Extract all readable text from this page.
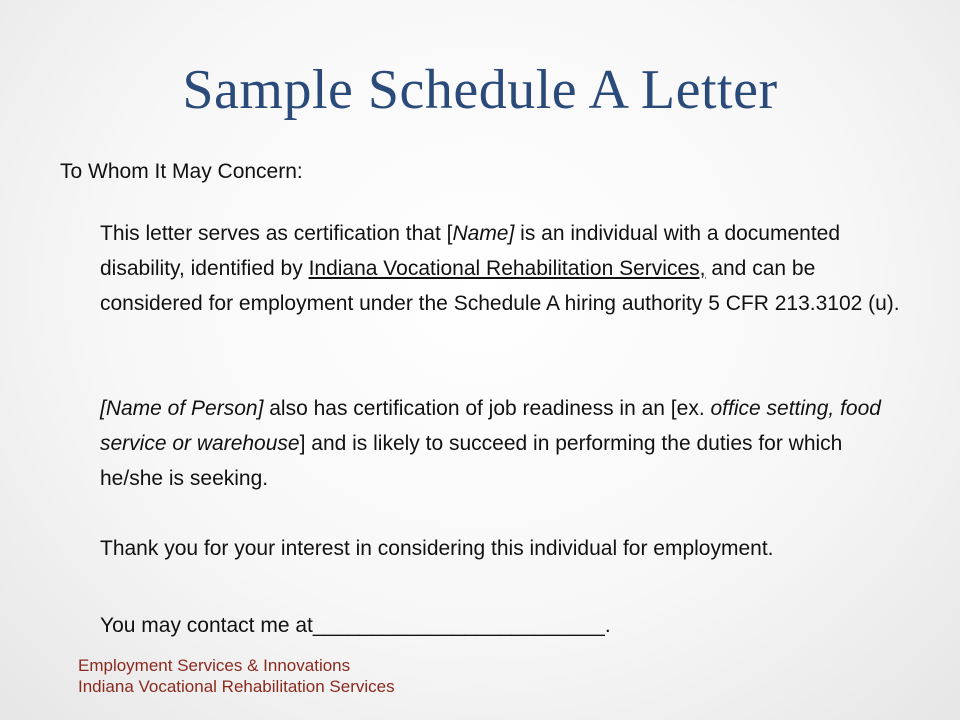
Sample Schedule A Letter
To Whom It May Concern:
This letter serves as certification that [Name] is an individual with a documented disability, identified by Indiana Vocational Rehabilitation Services, and can be considered for employment under the Schedule A hiring authority 5 CFR 213.3102 (u).
[Name of Person] also has certification of job readiness in an [ex. office setting, food service or warehouse] and is likely to succeed in performing the duties for which he/she is seeking.
Thank you for your interest in considering this individual for employment.
You may contact me at_________________________.
Employment Services & Innovations
Indiana Vocational Rehabilitation Services
